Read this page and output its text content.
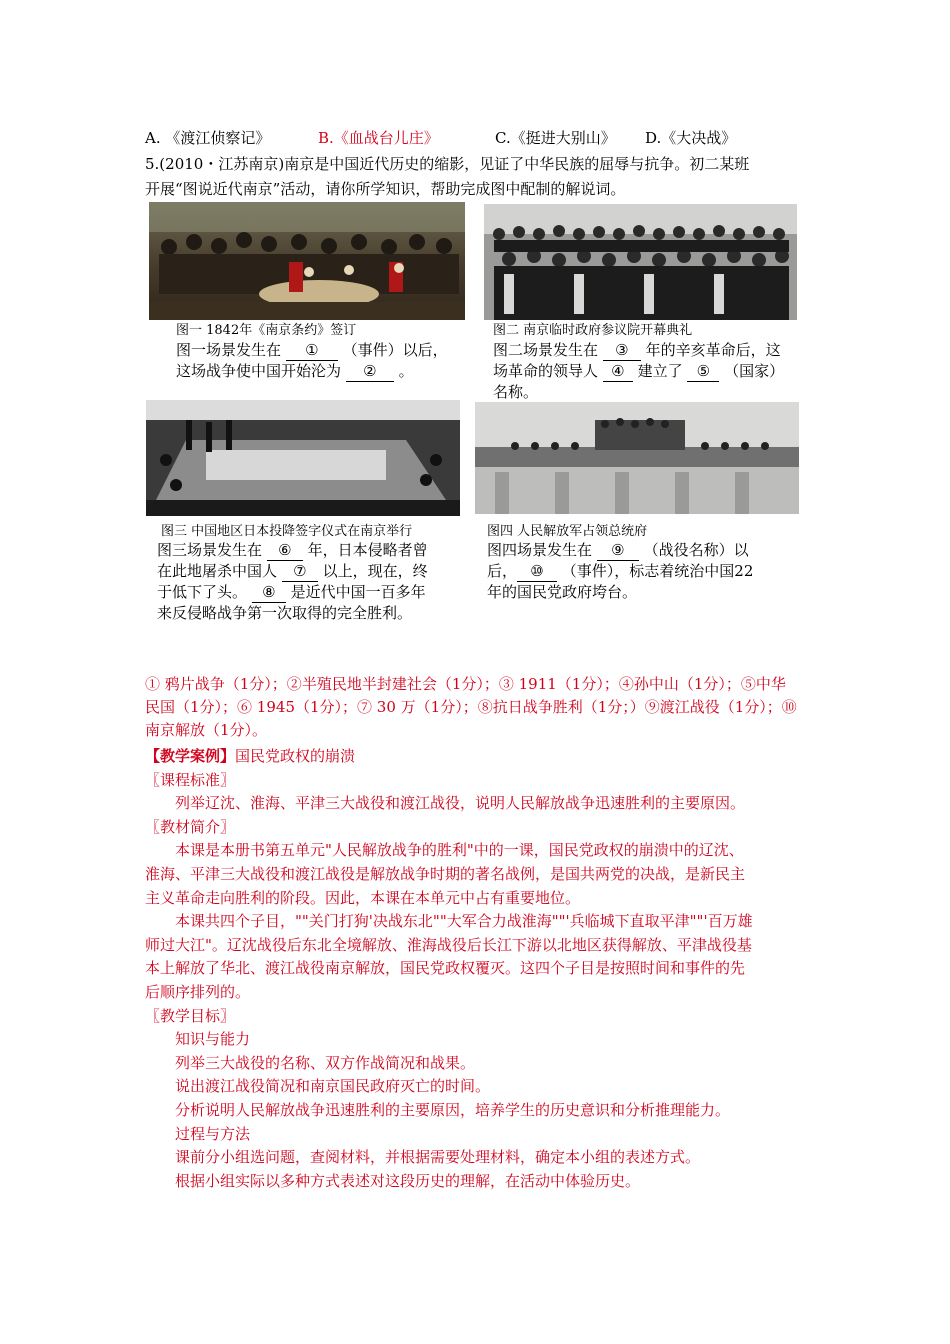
A. 《渡江侦察记》	B.《血战台儿庄》	C.《挺进大别山》 D.《大决战》
5.(2010・江苏南京)南京是中国近代历史的缩影，见证了中华民族的屈辱与抗争。初二某班
开展“图说近代南京”活动，请你所学知识，帮助完成图中配制的解说词。
图一 1842年《南京条约》签订
图一场景发生在 ① （事件）以后，
这场战争使中国开始沦为 ② 。
图二 南京临时政府参议院开幕典礼
图二场景发生在 ③ 年的辛亥革命后，这
场革命的领导人 ④ 建立了 ⑤ （国家）
名称。
图三 中国地区日本投降签字仪式在南京举行
图三场景发生在 ⑥ 年，日本侵略者曾
在此地屠杀中国人 ⑦ 以上，现在，终
于低下了头。 ⑧ 是近代中国一百多年
来反侵略战争第一次取得的完全胜利。
图四 人民解放军占领总统府
图四场景发生在 ⑨ （战役名称）以
后， ⑩ （事件），标志着统治中国22
年的国民党政府垮台。
① 鸦片战争（1分）；②半殖民地半封建社会（1分）；③ 1911（1分）；④孙中山（1分）；⑤中华
民国（1分）；⑥ 1945（1分）；⑦ 30 万（1分）；⑧抗日战争胜利（1分；）⑨渡江战役（1分）；⑩
南京解放（1分）。
【教学案例】国民党政权的崩溃
〖课程标准〗
列举辽沈、淮海、平津三大战役和渡江战役，说明人民解放战争迅速胜利的主要原因。
〖教材简介〗
本课是本册书第五单元"人民解放战争的胜利"中的一课，国民党政权的崩溃中的辽沈、
淮海、平津三大战役和渡江战役是解放战争时期的著名战例，是国共两党的决战，是新民主
主义革命走向胜利的阶段。因此，本课在本单元中占有重要地位。
本课共四个子目，""关门打狗'决战东北""大军合力战淮海""'兵临城下直取平津""'百万雄
师过大江"。辽沈战役后东北全境解放、淮海战役后长江下游以北地区获得解放、平津战役基
本上解放了华北、渡江战役南京解放，国民党政权覆灭。这四个子目是按照时间和事件的先
后顺序排列的。
〖教学目标〗
知识与能力
列举三大战役的名称、双方作战简况和战果。
说出渡江战役简况和南京国民政府灭亡的时间。
分析说明人民解放战争迅速胜利的主要原因，培养学生的历史意识和分析推理能力。
过程与方法
课前分小组选问题，查阅材料，并根据需要处理材料，确定本小组的表述方式。
根据小组实际以多种方式表述对这段历史的理解，在活动中体验历史。
